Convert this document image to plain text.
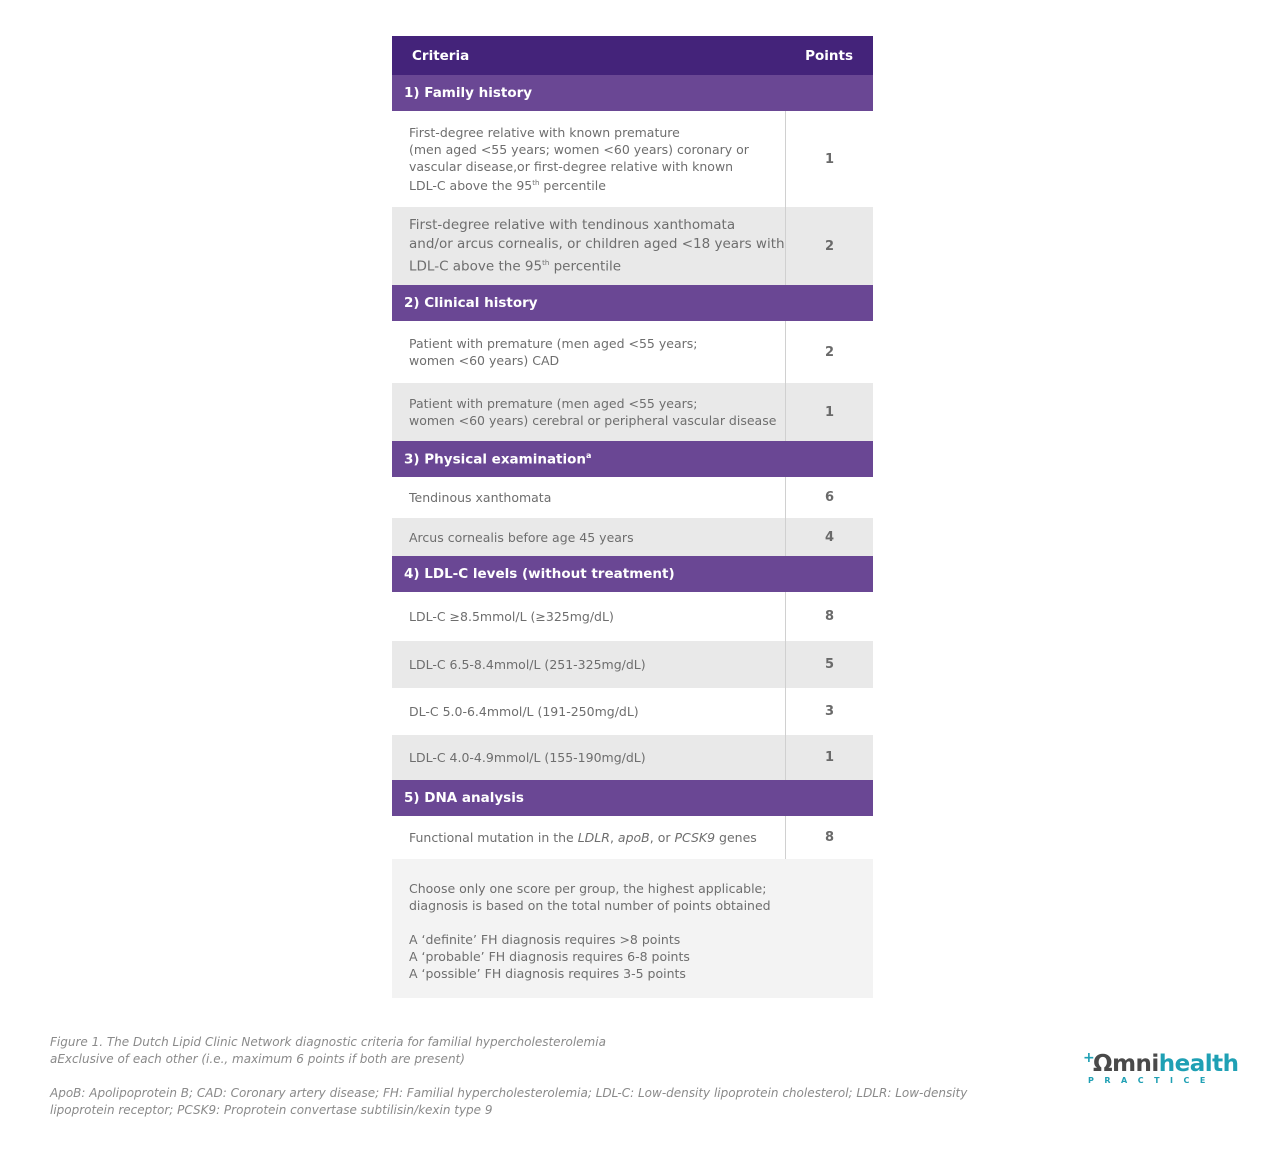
Criteria	Points
1) Family history
First-degree relative with known premature
(men aged <55 years; women <60 years) coronary or
vascular disease,or first-degree relative with known
LDL-C above the 95th percentile
1
First-degree relative with tendinous xanthomata
and/or arcus cornealis, or children aged <18 years with
LDL-C above the 95th percentile
2
2) Clinical history
Patient with premature (men aged <55 years;
women <60 years) CAD
2
Patient with premature (men aged <55 years;
women <60 years) cerebral or peripheral vascular disease
1
3) Physical examination$^a$
Tendinous xanthomata	6
Arcus cornealis before age 45 years	4
4) LDL-C levels (without treatment)
LDL-C ≥8.5mmol/L (≥325mg/dL)	8
LDL-C 6.5-8.4mmol/L (251-325mg/dL)	5
DL-C 5.0-6.4mmol/L (191-250mg/dL)	3
LDL-C 4.0-4.9mmol/L (155-190mg/dL)	1
5) DNA analysis
Functional mutation in the LDLR, apoB, or PCSK9 genes	8
Choose only one score per group, the highest applicable;
diagnosis is based on the total number of points obtained
A ‘definite’ FH diagnosis requires >8 points
A ‘probable’ FH diagnosis requires 6-8 points
A ‘possible’ FH diagnosis requires 3-5 points
Figure 1. The Dutch Lipid Clinic Network diagnostic criteria for familial hypercholesterolemia
aExclusive of each other (i.e., maximum 6 points if both are present)
ApoB: Apolipoprotein B; CAD: Coronary artery disease; FH: Familial hypercholesterolemia; LDL-C: Low-density lipoprotein cholesterol; LDLR: Low-density
lipoprotein receptor; PCSK9: Proprotein convertase subtilisin/kexin type 9
+
Ωmnihealth
PRACTICE
